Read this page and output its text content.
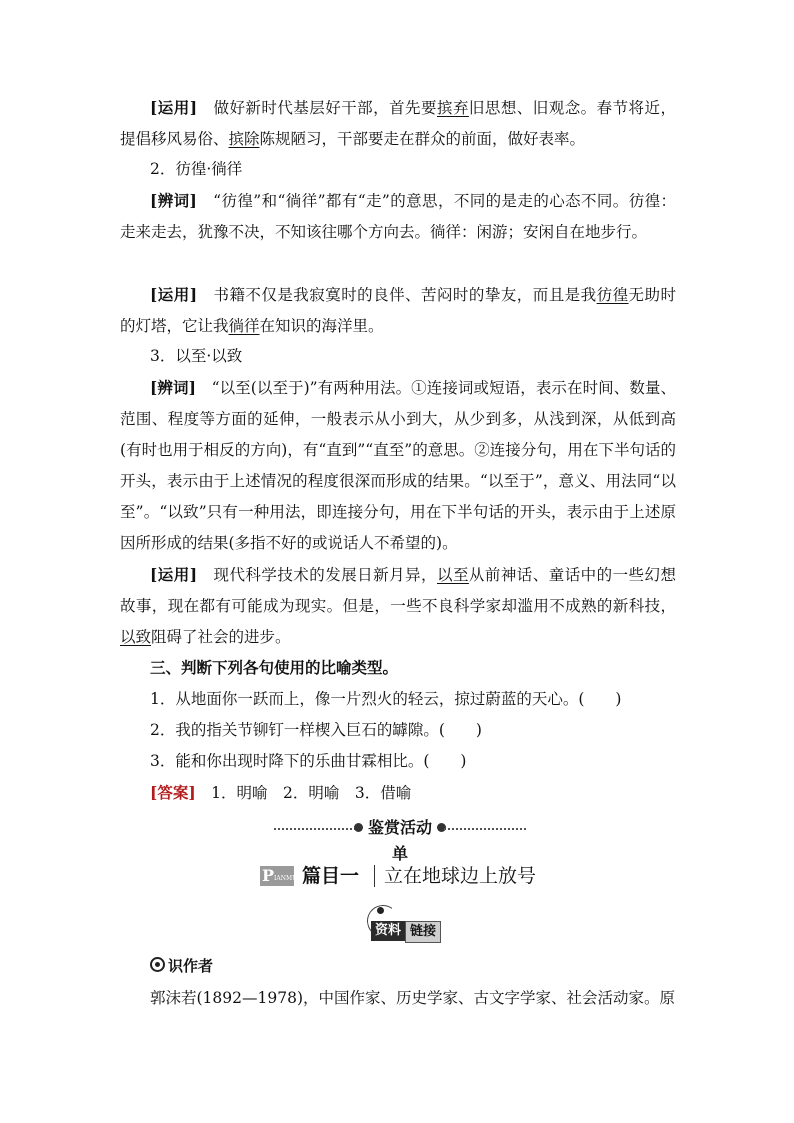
[运用]　做好新时代基层好干部，首先要摈弃旧思想、旧观念。春节将近，提倡移风易俗、摈除陈规陋习，干部要走在群众的前面，做好表率。

2．彷徨·徜徉

[辨词]　“彷徨”和“徜徉”都有“走”的意思，不同的是走的心态不同。彷徨：走来走去，犹豫不决，不知该往哪个方向去。徜徉：闲游；安闲自在地步行。

[运用]　书籍不仅是我寂寞时的良伴、苦闷时的挚友，而且是我彷徨无助时的灯塔，它让我徜徉在知识的海洋里。

3．以至·以致

[辨词]　“以至(以至于)”有两种用法。①连接词或短语，表示在时间、数量、范围、程度等方面的延伸，一般表示从小到大，从少到多，从浅到深，从低到高(有时也用于相反的方向)，有“直到”“直至”的意思。②连接分句，用在下半句话的开头，表示由于上述情况的程度很深而形成的结果。“以至于”，意义、用法同“以至”。“以致”只有一种用法，即连接分句，用在下半句话的开头，表示由于上述原因所形成的结果(多指不好的或说话人不希望的)。

[运用]　现代科学技术的发展日新月异，以至从前神话、童话中的一些幻想故事，现在都有可能成为现实。但是，一些不良科学家却滥用不成熟的新科技，以致阻碍了社会的进步。

三、判断下列各句使用的比喻类型。

1．从地面你一跃而上，像一片烈火的轻云，掠过蔚蓝的天心。(　　)

2．我的指关节铆钉一样楔入巨石的罅隙。(　　)

3．能和你出现时降下的乐曲甘霖相比。(　　)

[答案]　1．明喻　2．明喻　3．借喻

鉴赏活动单
P IANMU 篇目一 立在地球边上放号
资料 链接
识作者

郭沫若(1892—1978)，中国作家、历史学家、古文字学家、社会活动家。原
